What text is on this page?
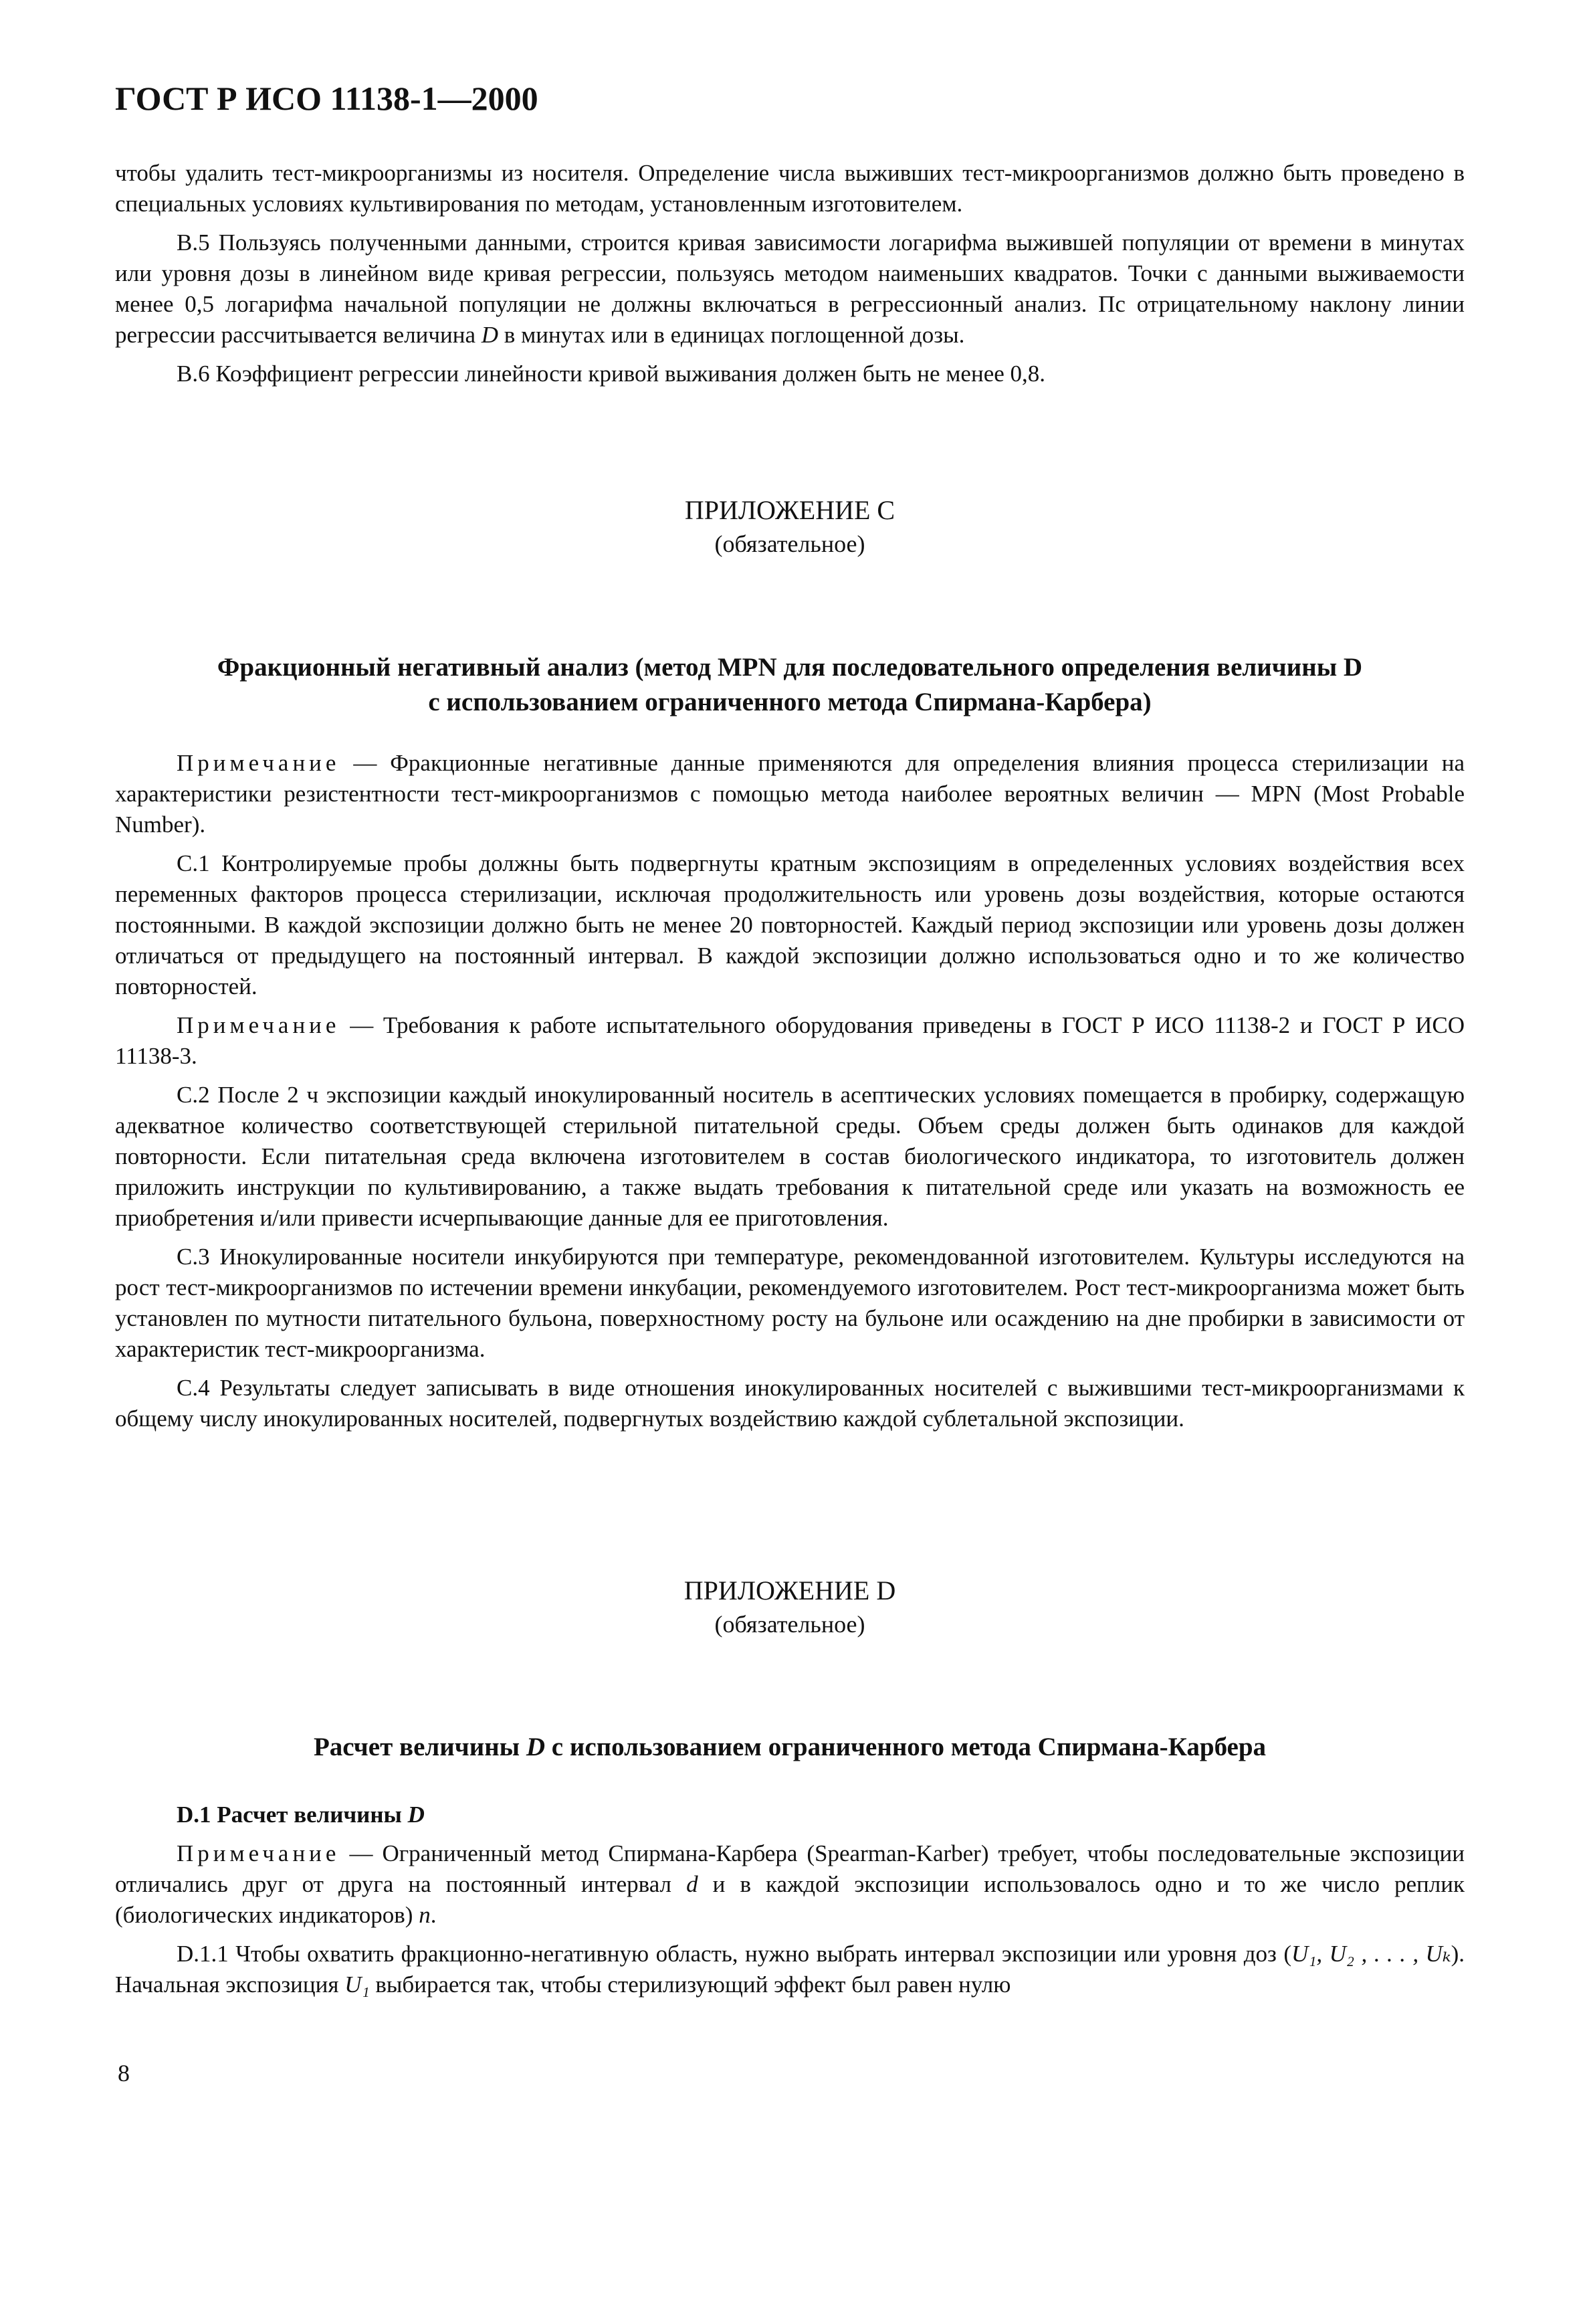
ГОСТ Р ИСО 11138-1—2000

чтобы удалить тест-микроорганизмы из носителя. Определение числа выживших тест-микроорганизмов должно быть проведено в специальных условиях культивирования по методам, установленным изготовителем.

В.5 Пользуясь полученными данными, строится кривая зависимости логарифма выжившей популяции от времени в минутах или уровня дозы в линейном виде кривая регрессии, пользуясь методом наименьших квадратов. Точки с данными выживаемости менее 0,5 логарифма начальной популяции не должны включаться в регрессионный анализ. Пс отрицательному наклону линии регрессии рассчитывается величина D в минутах или в единицах поглощенной дозы.

В.6 Коэффициент регрессии линейности кривой выживания должен быть не менее 0,8.

ПРИЛОЖЕНИЕ С
(обязательное)
Фракционный негативный анализ (метод MPN для последовательного определения величины D
с использованием ограниченного метода Спирмана-Карбера)

Примечание — Фракционные негативные данные применяются для определения влияния процесса стерилизации на характеристики резистентности тест-микроорганизмов с помощью метода наиболее вероятных величин — MPN (Most Probable Number).

С.1 Контролируемые пробы должны быть подвергнуты кратным экспозициям в определенных условиях воздействия всех переменных факторов процесса стерилизации, исключая продолжительность или уровень дозы воздействия, которые остаются постоянными. В каждой экспозиции должно быть не менее 20 повторностей. Каждый период экспозиции или уровень дозы должен отличаться от предыдущего на постоянный интервал. В каждой экспозиции должно использоваться одно и то же количество повторностей.

Примечание — Требования к работе испытательного оборудования приведены в ГОСТ Р ИСО 11138-2 и ГОСТ Р ИСО 11138-3.

С.2 После 2 ч экспозиции каждый инокулированный носитель в асептических условиях помещается в пробирку, содержащую адекватное количество соответствующей стерильной питательной среды. Объем среды должен быть одинаков для каждой повторности. Если питательная среда включена изготовителем в состав биологического индикатора, то изготовитель должен приложить инструкции по культивированию, а также выдать требования к питательной среде или указать на возможность ее приобретения и/или привести исчерпывающие данные для ее приготовления.

С.3 Инокулированные носители инкубируются при температуре, рекомендованной изготовителем. Культуры исследуются на рост тест-микроорганизмов по истечении времени инкубации, рекомендуемого изготовителем. Рост тест-микроорганизма может быть установлен по мутности питательного бульона, поверхностному росту на бульоне или осаждению на дне пробирки в зависимости от характеристик тест-микроорганизма.

С.4 Результаты следует записывать в виде отношения инокулированных носителей с выжившими тест-микроорганизмами к общему числу инокулированных носителей, подвергнутых воздействию каждой сублетальной экспозиции.

ПРИЛОЖЕНИЕ D
(обязательное)
Расчет величины D с использованием ограниченного метода Спирмана-Карбера

D.1 Расчет величины D

Примечание — Ограниченный метод Спирмана-Карбера (Spearman-Karber) требует, чтобы последовательные экспозиции отличались друг от друга на постоянный интервал d и в каждой экспозиции использовалось одно и то же число реплик (биологических индикаторов) n.

D.1.1 Чтобы охватить фракционно-негативную область, нужно выбрать интервал экспозиции или уровня доз (U₁, U₂ , . . . , Uₖ). Начальная экспозиция U₁ выбирается так, чтобы стерилизующий эффект был равен нулю

8
